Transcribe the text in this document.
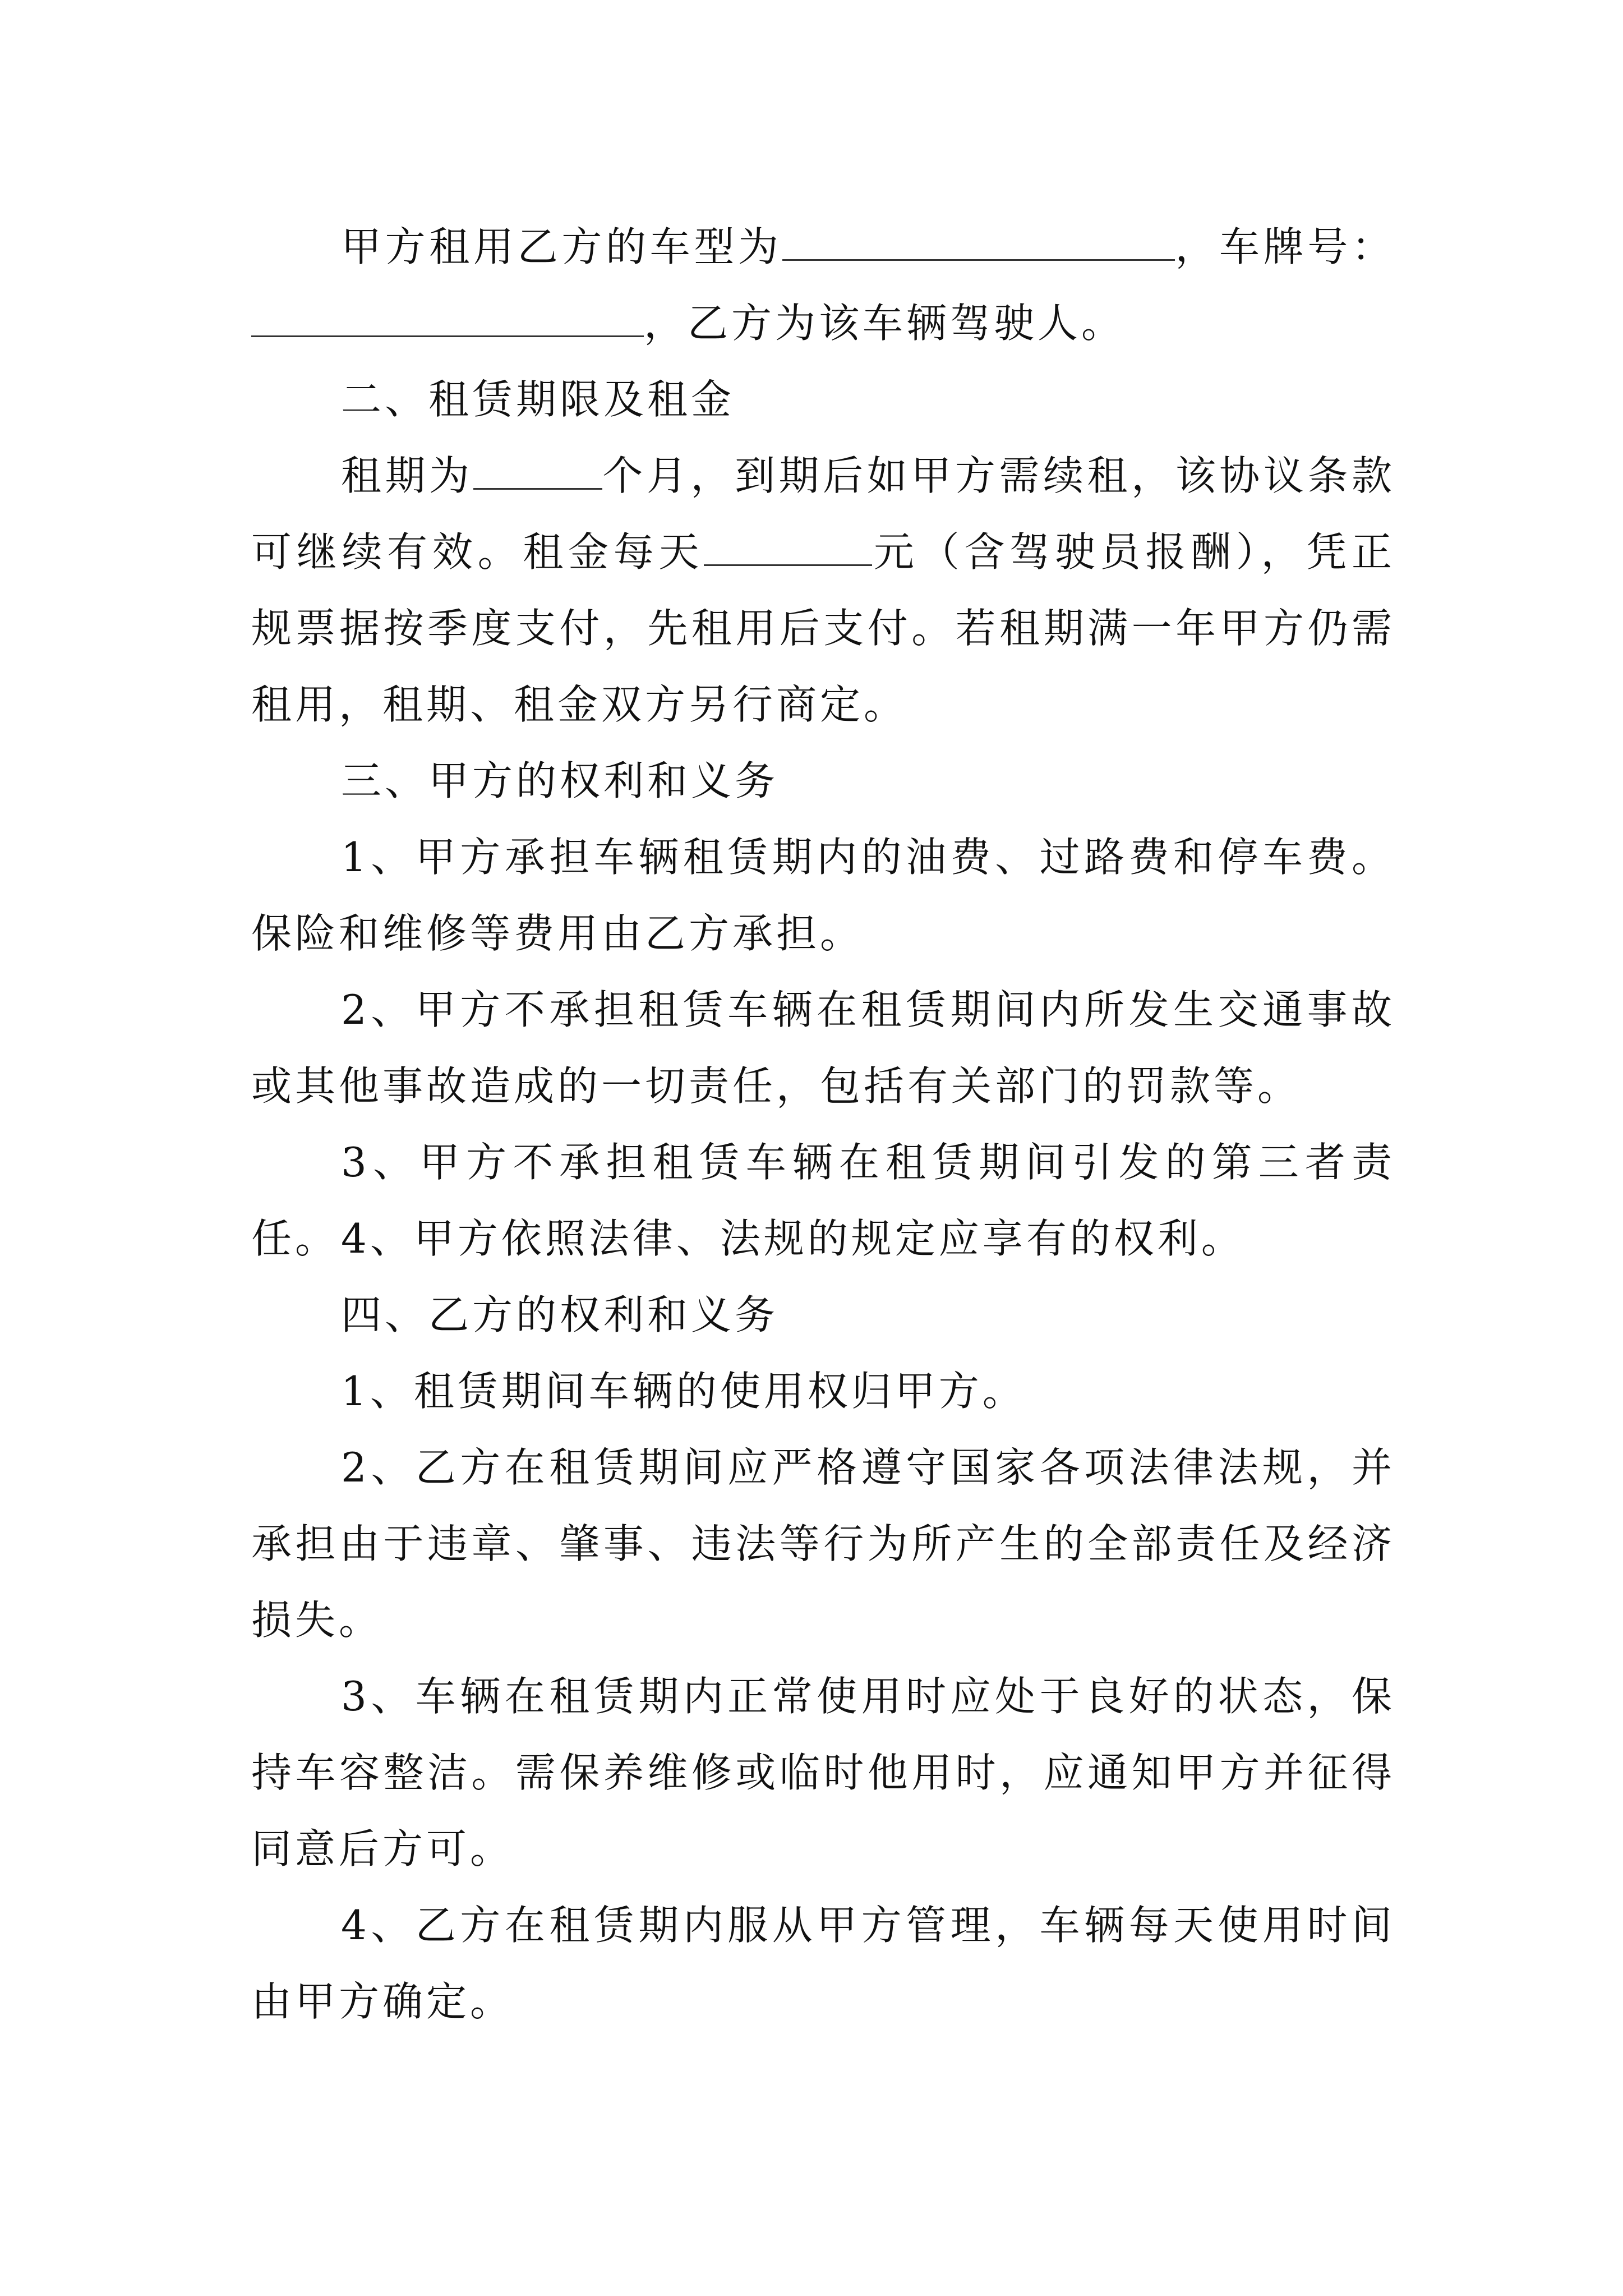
甲方租用乙方的车型为	，车牌号：，乙方为该车辆驾驶人。

二、租赁期限及租金

租期为	个月，到期后如甲方需续租，该协议条款可继续有效。租金每天	元（含驾驶员报酬），凭正规票据按季度支付，先租用后支付。若租期满一年甲方仍需租用，租期、租金双方另行商定。

三、甲方的权利和义务

1、甲方承担车辆租赁期内的油费、过路费和停车费。保险和维修等费用由乙方承担。

2、甲方不承担租赁车辆在租赁期间内所发生交通事故或其他事故造成的一切责任，包括有关部门的罚款等。

3、甲方不承担租赁车辆在租赁期间引发的第三者责任。 4、甲方依照法律、法规的规定应享有的权利。

四、乙方的权利和义务

1、租赁期间车辆的使用权归甲方。

2、乙方在租赁期间应严格遵守国家各项法律法规，并承担由于违章、肇事、违法等行为所产生的全部责任及经济损失。

3、车辆在租赁期内正常使用时应处于良好的状态，保持车容整洁。需保养维修或临时他用时，应通知甲方并征得同意后方可。

4、乙方在租赁期内服从甲方管理，车辆每天使用时间由甲方确定。
